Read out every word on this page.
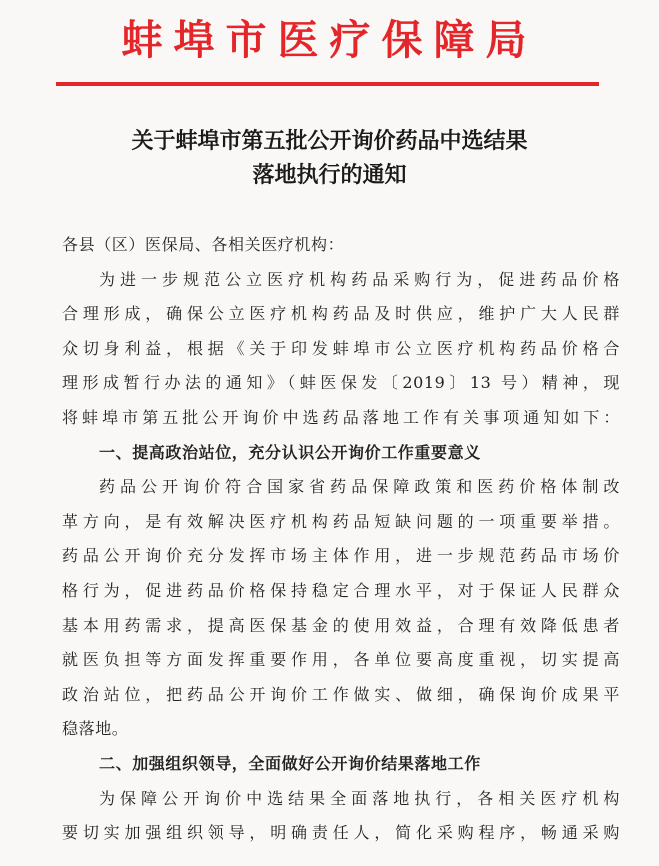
蚌埠市医疗保障局
关于蚌埠市第五批公开询价药品中选结果
落地执行的通知
各县（区）医保局、各相关医疗机构：
为进一步规范公立医疗机构药品采购行为，促进药品价格
合理形成，确保公立医疗机构药品及时供应，维护广大人民群
众切身利益，根据《关于印发蚌埠市公立医疗机构药品价格合
理形成暂行办法的通知》（蚌医保发〔2019〕13 号）精神，现
将蚌埠市第五批公开询价中选药品落地工作有关事项通知如下：
一、提高政治站位，充分认识公开询价工作重要意义
药品公开询价符合国家省药品保障政策和医药价格体制改
革方向，是有效解决医疗机构药品短缺问题的一项重要举措。
药品公开询价充分发挥市场主体作用，进一步规范药品市场价
格行为，促进药品价格保持稳定合理水平，对于保证人民群众
基本用药需求，提高医保基金的使用效益，合理有效降低患者
就医负担等方面发挥重要作用，各单位要高度重视，切实提高
政治站位，把药品公开询价工作做实、做细，确保询价成果平
稳落地。
二、加强组织领导，全面做好公开询价结果落地工作
为保障公开询价中选结果全面落地执行，各相关医疗机构
要切实加强组织领导，明确责任人，简化采购程序，畅通采购
